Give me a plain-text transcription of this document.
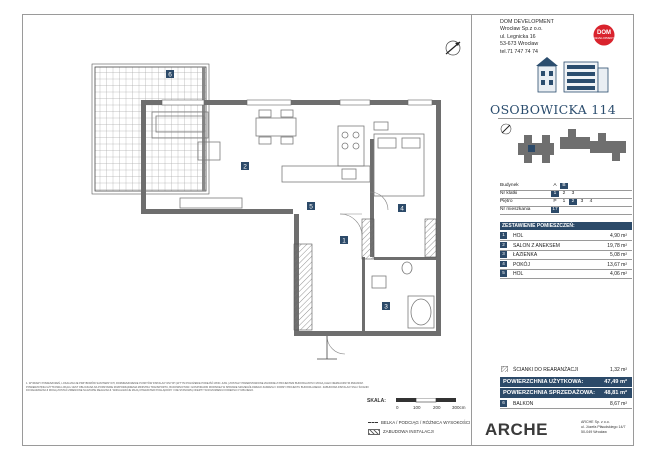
1
2
3
4
5
6
1. WYMIARY POMIESZCZEŃ, LOKALIZACJE PRZYBORÓW SANITARNYCH, ROZMIESZCZENIE PUNKTÓW INSTALACYJNYCH (W TYM POŁOŻENIE PODEJŚĆ WOD.-KAN.) ZOSTAŁY PRZEDSTAWIONE ZGODNIE Z PROJEKTEM BUDOWLANYM I MOGĄ ULEC NIEZNACZNYM ZMIANOM. POWIERZCHNIA UŻYTKOWA LOKALU JEST OBLICZANA NA PODSTAWIE ROZPORZĄDZENIA MINISTRA TRANSPORTU, BUDOWNICTWA I GOSPODARKI MORSKIEJ W SPRAWIE SZCZEGÓŁOWEGO ZAKRESU I FORMY PROJEKTU BUDOWLANEGO. ZABUDOWA INSTALACYJNA I ŚCIANKI DO REARANŻACJI MOGĄ ZOSTAĆ ZMIENIONE NA ETAPIE REALIZACJI. WIZUALIZACJE MAJĄ CHARAKTER POGLĄDOWY I NIE STANOWIĄ OFERTY W ROZUMIENIU KODEKSU CYWILNEGO.
SKALA:
0	100	200	300cm
BELKA / PODCIĄG / RÓŻNICA WYSOKOŚCI
ZABUDOWA INSTALACJI
DOM DEVELOPMENT
Wrocław Sp.z o.o.
ul. Legnicka 16
53-673 Wrocław
tel.71 747 74 74
DOM
DEVELOPMENT
OSOBOWICKA 114
Budynek	A	B
Nr klatki	1	2	3
Piętro	P	1	2	3	4
Nr mieszkania	17
ZESTAWIENIE POMIESZCZEŃ:
1	HOL	4,90 m²
2	SALON Z ANEKSEM	19,78 m²
3	ŁAZIENKA	5,08 m²
4	POKÓJ	13,67 m²
5	HOL	4,06 m²
ŚCIANKI DO REARANŻACJI	1,32 m²
POWIERZCHNIA UŻYTKOWA:	47,49 m²
POWIERZCHNIA SPRZEDAŻOWA: 48,81 m²
6	BALKON	8,67 m²
ARCHE	ARCHE Sp. z o.o.
ul. Józefa Piłsudskiego 14/7
50-049 Wrocław
